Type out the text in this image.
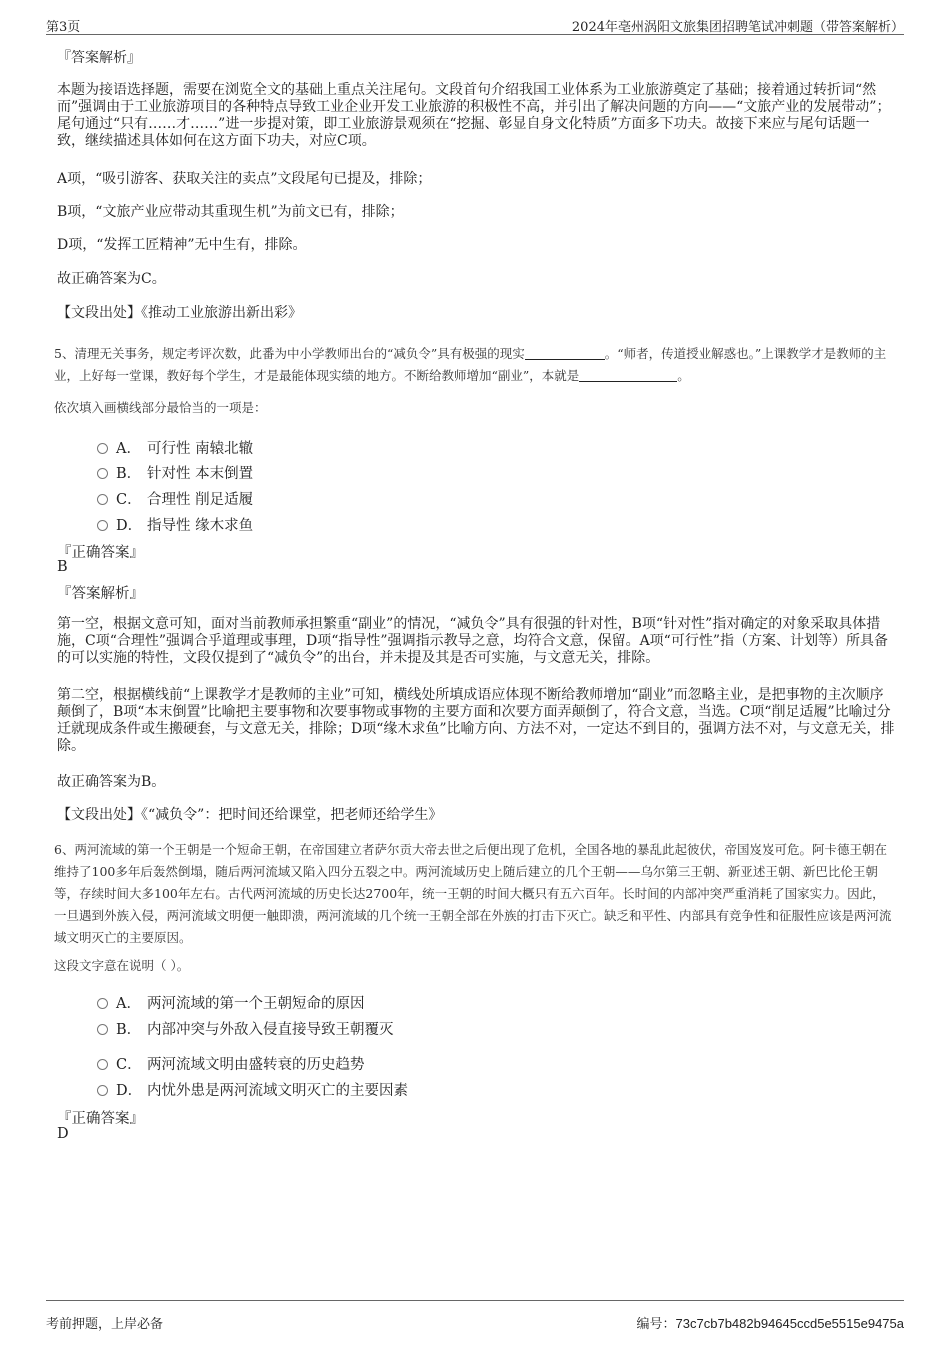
第3页	2024年亳州涡阳文旅集团招聘笔试冲刺题（带答案解析）
『答案解析』

本题为接语选择题，需要在浏览全文的基础上重点关注尾句。文段首句介绍我国工业体系为工业旅游奠定了基础；接着通过转折词“然而”强调由于工业旅游项目的各种特点导致工业企业开发工业旅游的积极性不高，并引出了解决问题的方向——“文旅产业的发展带动”；尾句通过“只有……才……”进一步提对策，即工业旅游景观须在“挖掘、彰显自身文化特质”方面多下功夫。故接下来应与尾句话题一致，继续描述具体如何在这方面下功夫，对应C项。

A项，“吸引游客、获取关注的卖点”文段尾句已提及，排除；
B项，“文旅产业应带动其重现生机”为前文已有，排除；
D项，“发挥工匠精神”无中生有，排除。
故正确答案为C。
【文段出处】《推动工业旅游出新出彩》

5、清理无关事务，规定考评次数，此番为中小学教师出台的“减负令”具有极强的现实	。“师者，传道授业解惑也。”上课教学才是教师的主业，上好每一堂课，教好每个学生，才是最能体现实绩的地方。不断给教师增加“副业”，本就是	。

依次填入画横线部分最恰当的一项是：
A． 可行性 南辕北辙
B． 针对性 本末倒置
C． 合理性 削足适履
D． 指导性 缘木求鱼
『正确答案』
B
『答案解析』

第一空，根据文意可知，面对当前教师承担繁重“副业”的情况，“减负令”具有很强的针对性，B项“针对性”指对确定的对象采取具体措施，C项“合理性”强调合乎道理或事理，D项“指导性”强调指示教导之意，均符合文意，保留。A项“可行性”指（方案、计划等）所具备的可以实施的特性，文段仅提到了“减负令”的出台，并未提及其是否可实施，与文意无关，排除。

第二空，根据横线前“上课教学才是教师的主业”可知，横线处所填成语应体现不断给教师增加“副业”而忽略主业，是把事物的主次顺序颠倒了，B项“本末倒置”比喻把主要事物和次要事物或事物的主要方面和次要方面弄颠倒了，符合文意，当选。C项“削足适履”比喻过分迁就现成条件或生搬硬套，与文意无关，排除；D项“缘木求鱼”比喻方向、方法不对，一定达不到目的，强调方法不对，与文意无关，排除。

故正确答案为B。
【文段出处】《“减负令”：把时间还给课堂，把老师还给学生》

6、两河流域的第一个王朝是一个短命王朝，在帝国建立者萨尔贡大帝去世之后便出现了危机，全国各地的暴乱此起彼伏，帝国岌岌可危。阿卡德王朝在维持了100多年后轰然倒塌，随后两河流域又陷入四分五裂之中。两河流域历史上随后建立的几个王朝——乌尔第三王朝、新亚述王朝、新巴比伦王朝等，存续时间大多100年左右。古代两河流域的历史长达2700年，统一王朝的时间大概只有五六百年。长时间的内部冲突严重消耗了国家实力。因此，一旦遇到外族入侵，两河流域文明便一触即溃，两河流域的几个统一王朝全部在外族的打击下灭亡。缺乏和平性、内部具有竞争性和征服性应该是两河流域文明灭亡的主要原因。

这段文字意在说明（ ）。
A． 两河流域的第一个王朝短命的原因
B． 内部冲突与外敌入侵直接导致王朝覆灭
C． 两河流域文明由盛转衰的历史趋势
D． 内忧外患是两河流域文明灭亡的主要因素
『正确答案』
D
考前押题，上岸必备	编号：73c7cb7b482b94645ccd5e5515e9475a
